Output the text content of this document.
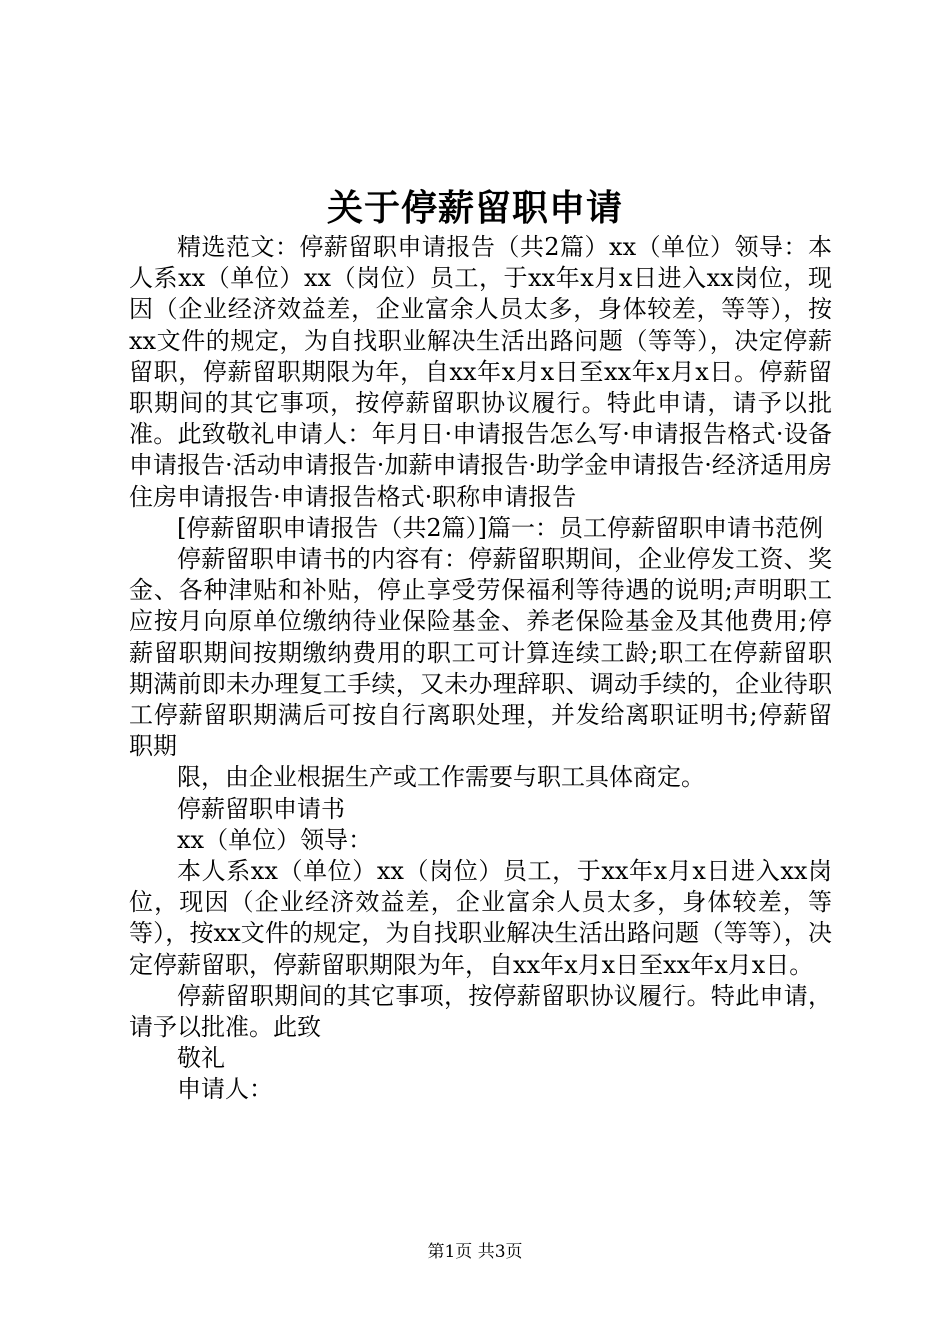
关于停薪留职申请

精选范文：停薪留职申请报告（共2篇）xx（单位）领导：本人系xx（单位）xx（岗位）员工，于xx年x月x日进入xx岗位，现因（企业经济效益差，企业富余人员太多，身体较差，等等），按xx文件的规定，为自找职业解决生活出路问题（等等），决定停薪留职，停薪留职期限为年，自xx年x月x日至xx年x月x日。停薪留职期间的其它事项，按停薪留职协议履行。特此申请，请予以批准。此致敬礼申请人：年月日·申请报告怎么写·申请报告格式·设备申请报告·活动申请报告·加薪申请报告·助学金申请报告·经济适用房住房申请报告·申请报告格式·职称申请报告

[停薪留职申请报告（共2篇）]篇一：员工停薪留职申请书范例

停薪留职申请书的内容有：停薪留职期间，企业停发工资、奖金、各种津贴和补贴，停止享受劳保福利等待遇的说明;声明职工应按月向原单位缴纳待业保险基金、养老保险基金及其他费用;停薪留职期间按期缴纳费用的职工可计算连续工龄;职工在停薪留职期满前即未办理复工手续，又未办理辞职、调动手续的，企业待职工停薪留职期满后可按自行离职处理，并发给离职证明书;停薪留职期

限，由企业根据生产或工作需要与职工具体商定。

停薪留职申请书

xx（单位）领导：

本人系xx（单位）xx（岗位）员工，于xx年x月x日进入xx岗位，现因（企业经济效益差，企业富余人员太多，身体较差，等等），按xx文件的规定，为自找职业解决生活出路问题（等等），决定停薪留职，停薪留职期限为年，自xx年x月x日至xx年x月x日。

停薪留职期间的其它事项，按停薪留职协议履行。特此申请，请予以批准。此致

敬礼

申请人：

第1页 共3页
